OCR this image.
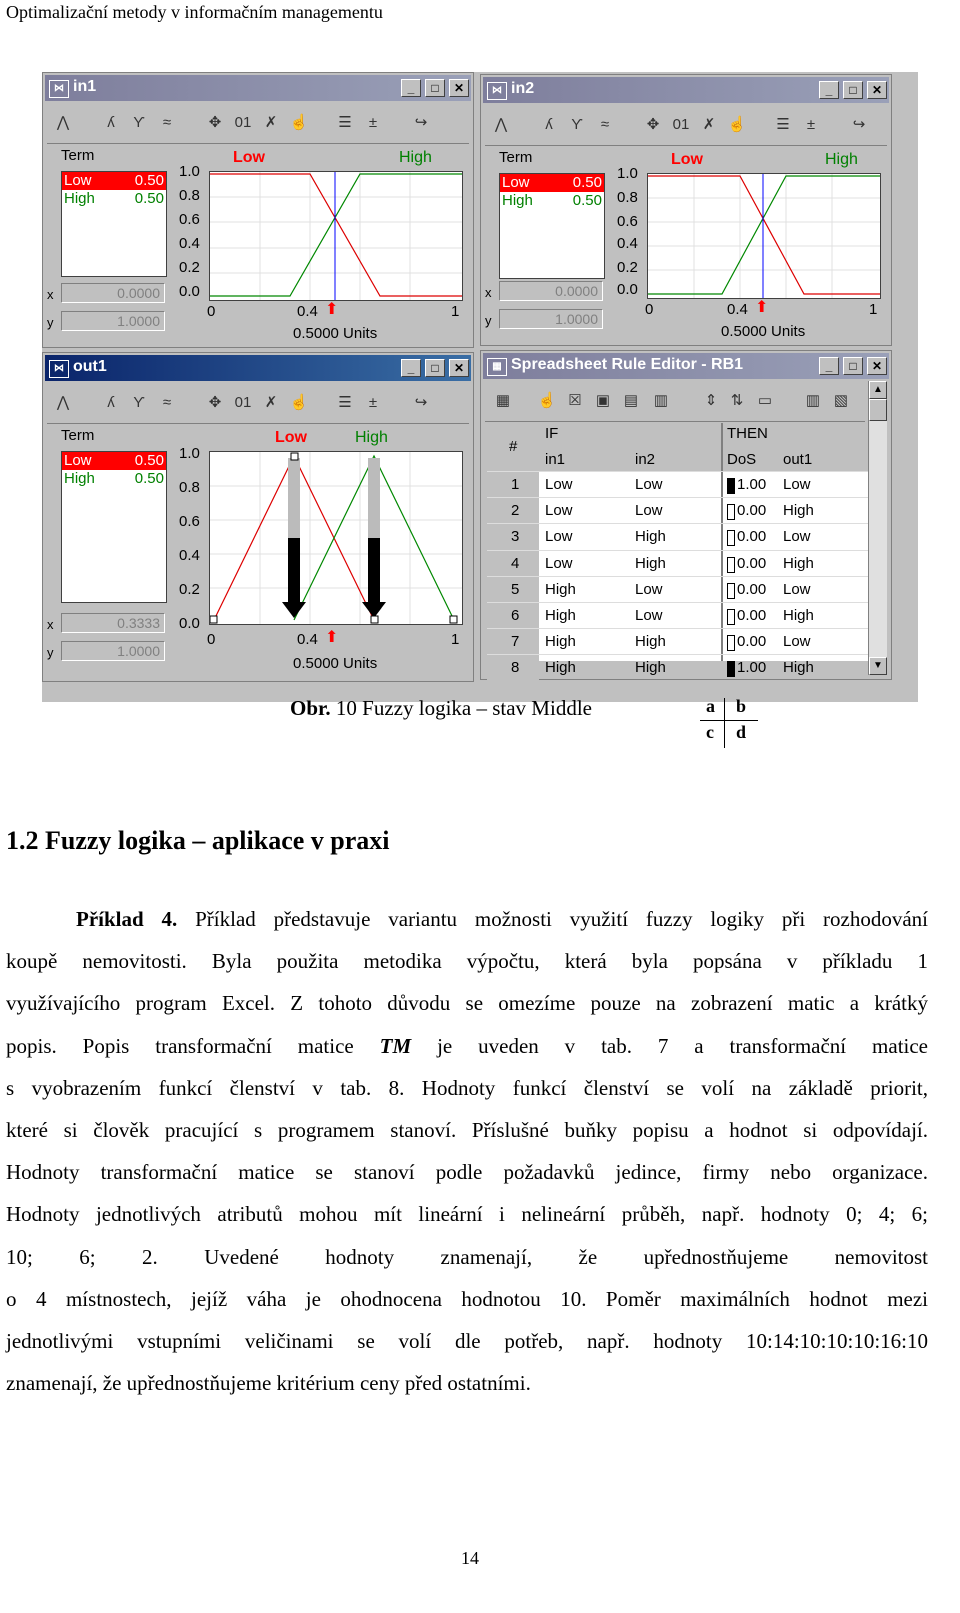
Optimalizační metody v informačním managementu
⋈ in1	_	□	✕
⋀	ʎ	ϒ	≈	✥ 01 ✗ ☝	☰	±	↪
Term
Low	0.50
High	0.50
x	0.0000
y	1.0000
Low	High
1.0
0.8
0.6
0.4
0.2
0.0
0	0.4 ⬆	1
0.5000 Units
⋈ in2	_	□	✕
⋀	ʎ	ϒ	≈	✥ 01 ✗ ☝	☰	±	↪
Term
Low	0.50
High	0.50
x	0.0000
y	1.0000
Low	High
1.0
0.8
0.6
0.4
0.2
0.0
0	0.4 ⬆	1
0.5000 Units
⋈ out1	_	□	✕
⋀	ʎ	ϒ	≈	✥ 01 ✗ ☝	☰	±	↪
Term
Low	0.50
High	0.50
x	0.3333
y	1.0000
Low	High
1.0
0.8
0.6
0.4
0.2
0.0
0	0.4 ⬆	1
0.5000 Units
▦ Spreadsheet Rule Editor - RB1	_	□	✕
▦	☝ ☒ ▣ ▤	▥	⇕ ⇅ ▭	▥ ▧
#
IF	THEN
in1	in2	DoS out1
1 Low	Low	1.00 Low
2 Low	Low	0.00 High
3 Low	High	0.00 Low
4 Low	High	0.00 High
5 High	Low	0.00 Low
6 High	Low	0.00 High
7 High	High	0.00 Low
8 High	High	1.00 High
▲
▼
Obr. 10 Fuzzy logika – stav Middle	a b
c d
1.2 Fuzzy logika – aplikace v praxi
Příklad 4. Příklad představuje variantu možnosti využití fuzzy logiky při rozhodování
koupě nemovitosti. Byla použita metodika výpočtu, která byla popsána v příkladu 1
využívajícího program Excel. Z tohoto důvodu se omezíme pouze na zobrazení matic a krátký
popis. Popis transformační matice TM je uveden v tab. 7 a transformační matice
s vyobrazením funkcí členství v tab. 8. Hodnoty funkcí členství se volí na základě priorit,
které si člověk pracující s programem stanoví. Příslušné buňky popisu a hodnot si odpovídají.
Hodnoty transformační matice se stanoví podle požadavků jedince, firmy nebo organizace.
Hodnoty jednotlivých atributů mohou mít lineární i nelineární průběh, např. hodnoty 0; 4; 6;
10; 6; 2. Uvedené hodnoty znamenají, že upřednostňujeme nemovitost
o 4 místnostech, jejíž váha je ohodnocena hodnotou 10. Poměr maximálních hodnot mezi
jednotlivými vstupními veličinami se volí dle potřeb, např. hodnoty 10:14:10:10:10:16:10
znamenají, že upřednostňujeme kritérium ceny před ostatními.
14
